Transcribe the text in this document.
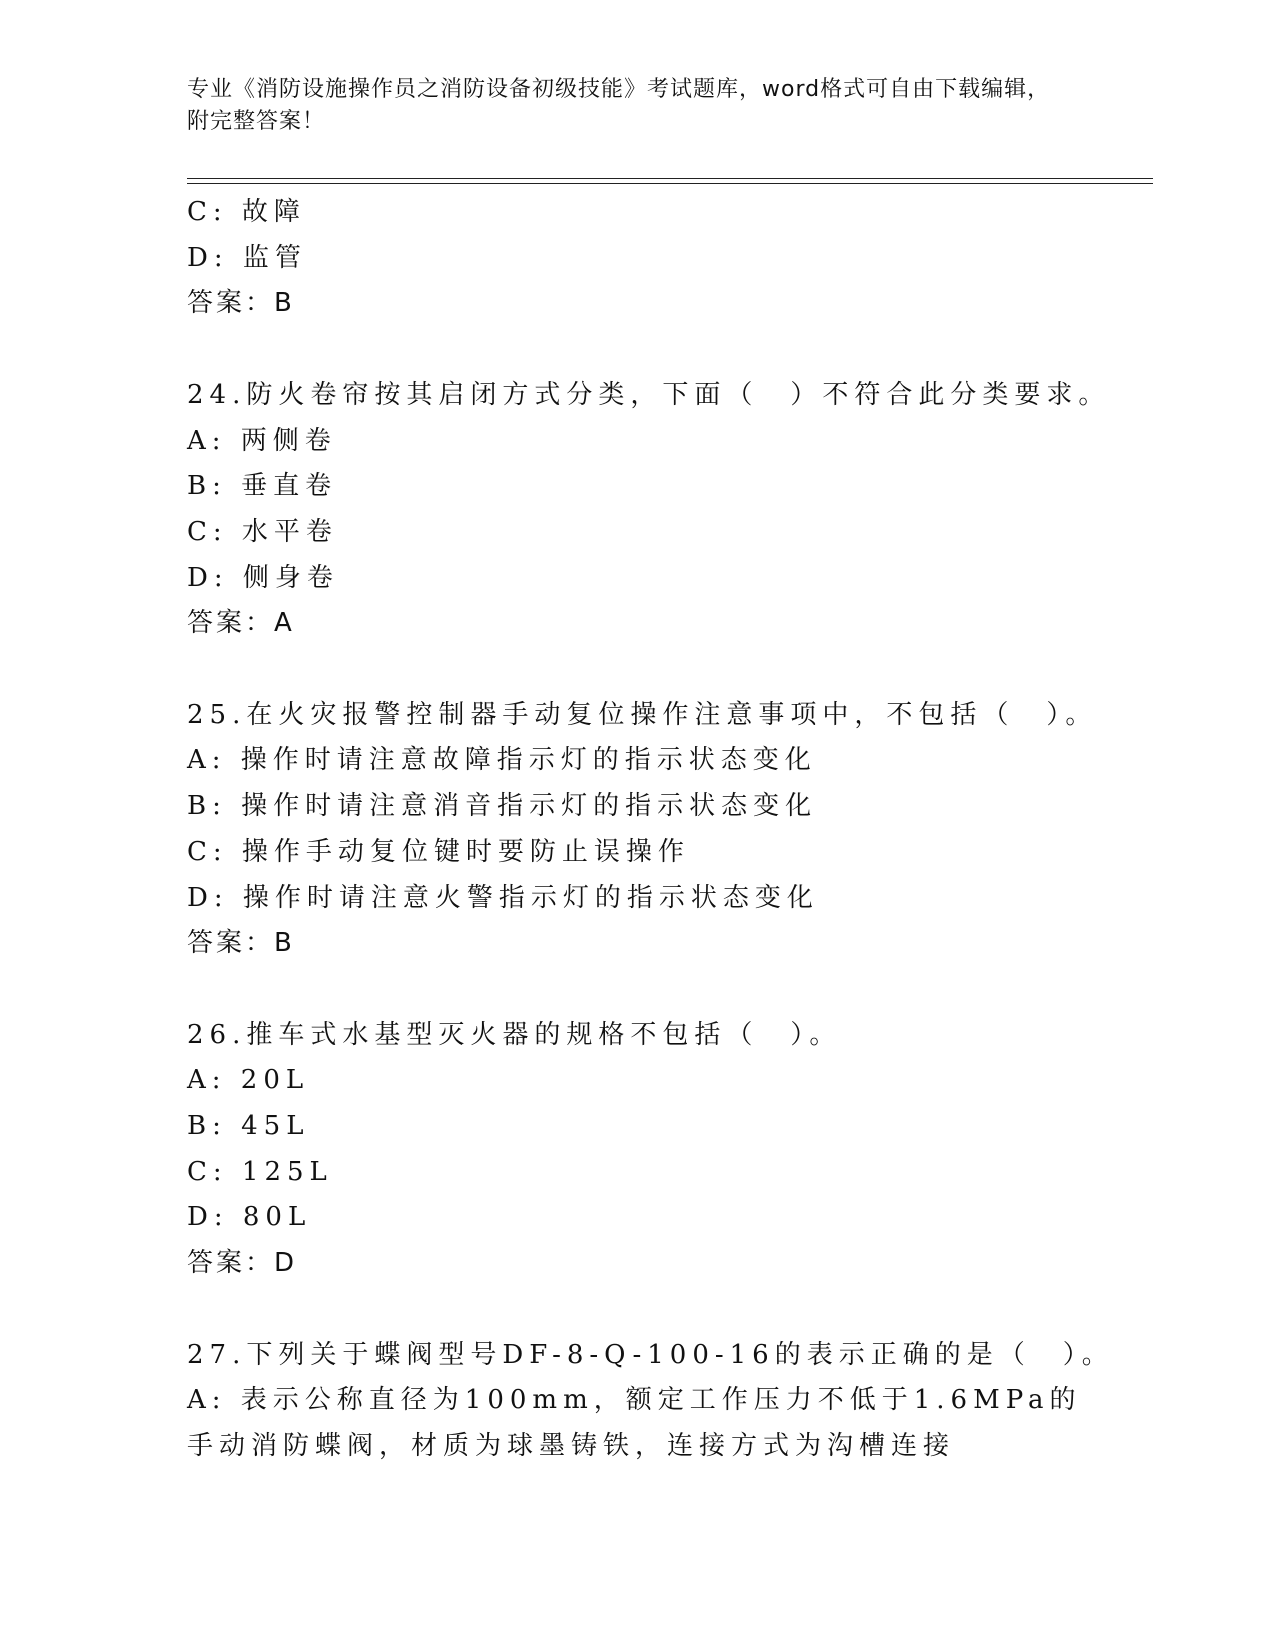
专业《消防设施操作员之消防设备初级技能》考试题库，word格式可自由下载编辑，附完整答案！
C: 故障
D: 监管
答案：B
24.防火卷帘按其启闭方式分类，下面（　）不符合此分类要求。
A: 两侧卷
B: 垂直卷
C: 水平卷
D: 侧身卷
答案：A
25.在火灾报警控制器手动复位操作注意事项中，不包括（　）。
A: 操作时请注意故障指示灯的指示状态变化
B: 操作时请注意消音指示灯的指示状态变化
C: 操作手动复位键时要防止误操作
D: 操作时请注意火警指示灯的指示状态变化
答案：B
26.推车式水基型灭火器的规格不包括（　）。
A: 20L
B: 45L
C: 125L
D: 80L
答案：D
27.下列关于蝶阀型号DF-8-Q-100-16的表示正确的是（　）。
A: 表示公称直径为100mm，额定工作压力不低于1.6MPa的手动消防蝶阀，材质为球墨铸铁，连接方式为沟槽连接
